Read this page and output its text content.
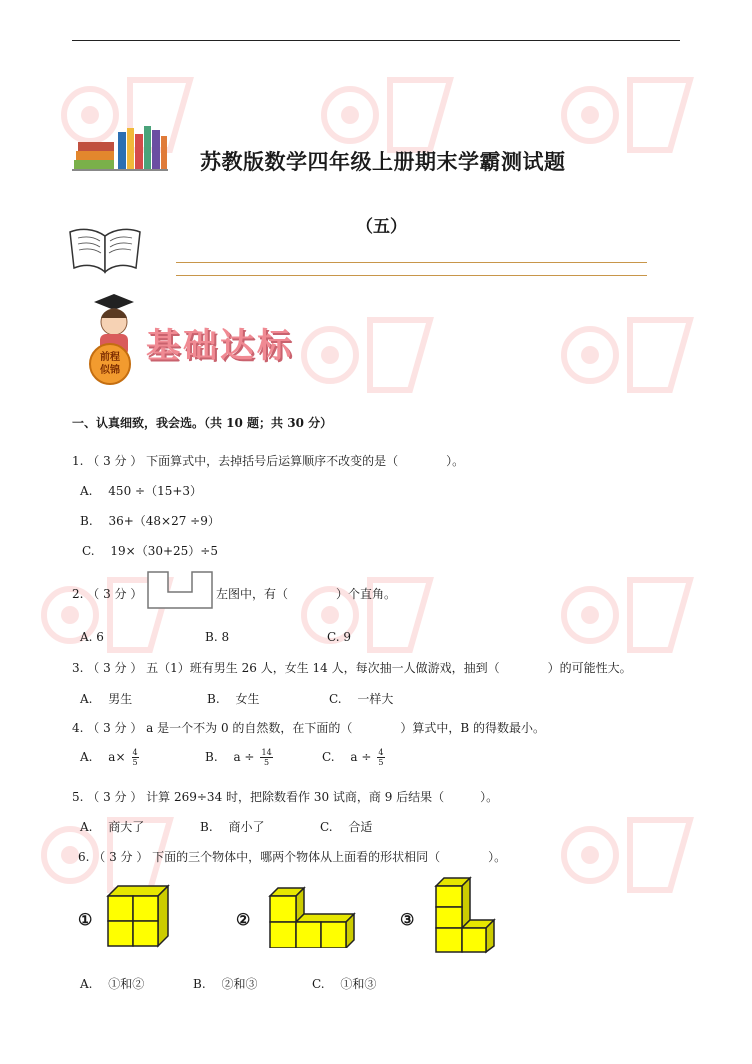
苏教版数学四年级上册期末学霸测试题
（五）
前程
似锦
基础达标
一、认真细致，我会选。（共 10 题；共 30 分）
1. （ 3 分 ） 下面算式中，去掉括号后运算顺序不改变的是（　　　　）。
A.　 450 ÷（15+3）
B.　 36+（48×27 ÷9）
C.　 19×（30+25）÷5
2. （ 3 分 ）	左图中，有（　　　　）个直角。
A. 6	B. 8	C. 9
3. （ 3 分 ） 五（1）班有男生 26 人，女生 14 人，每次抽一人做游戏，抽到（　　　　）的可能性大。
A.　 男生	B.　 女生	C.　 一样大
4. （ 3 分 ） a 是一个不为 0 的自然数，在下面的（　　　　）算式中，B 的得数最小。
A.　 $a\times \frac{4}{5}$	B.　 $a \div \frac{14}{5}$	C.　 $a \div \frac{4}{5}$
5. （ 3 分 ） 计算 269÷34 时，把除数看作 30 试商，商 9 后结果（　　　）。
A.　 商大了	B.　 商小了	C.　 合适
6. （ 3 分 ） 下面的三个物体中，哪两个物体从上面看的形状相同（　　　　）。
①	②	③
A.　 ①和②	B.　 ②和③	C.　 ①和③
